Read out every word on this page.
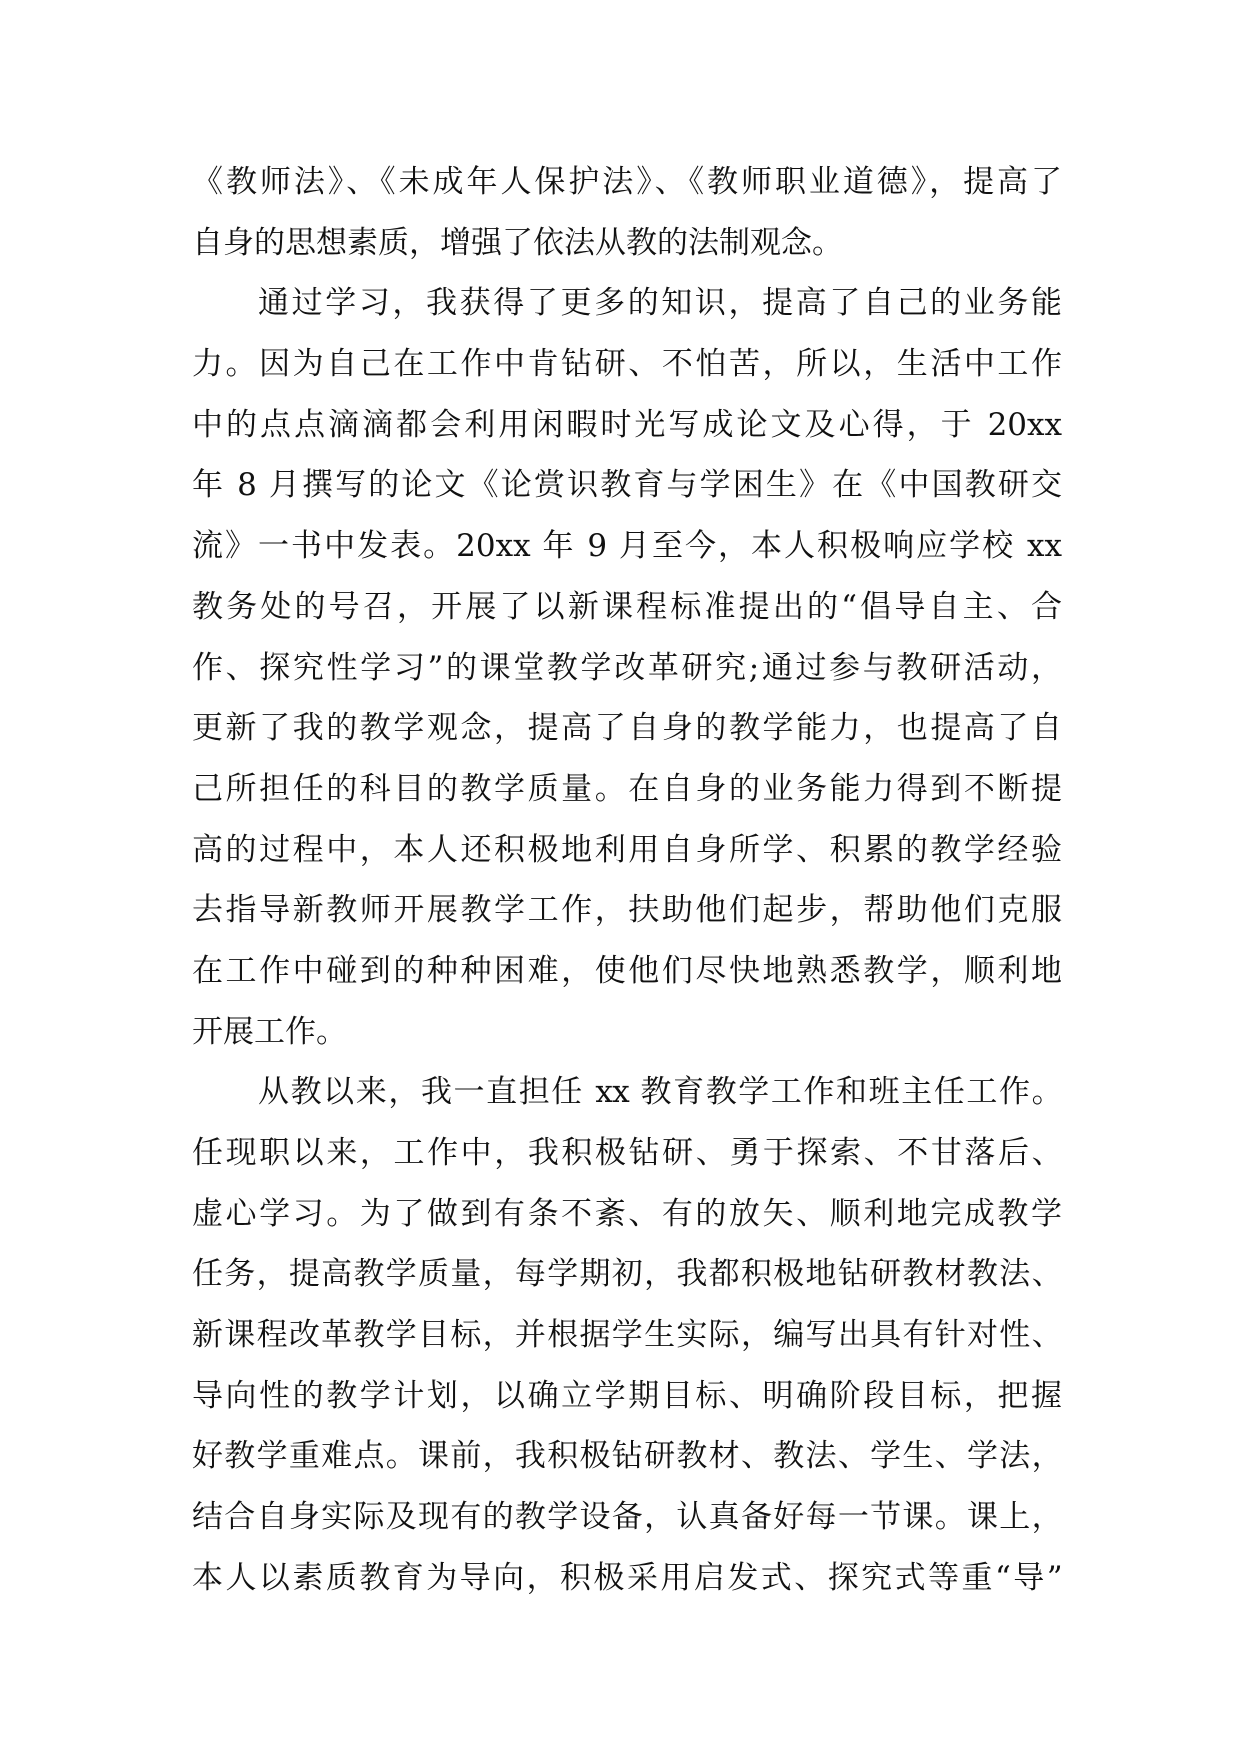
《教师法》、《未成年人保护法》、《教师职业道德》，提高了
自身的思想素质，增强了依法从教的法制观念。
通过学习，我获得了更多的知识，提高了自己的业务能
力。因为自己在工作中肯钻研、不怕苦，所以，生活中工作
中的点点滴滴都会利用闲暇时光写成论文及心得，于 20xx
年 8 月撰写的论文《论赏识教育与学困生》在《中国教研交
流》一书中发表。20xx 年 9 月至今，本人积极响应学校 xx
教务处的号召，开展了以新课程标准提出的“倡导自主、合
作、探究性学习”的课堂教学改革研究;通过参与教研活动，
更新了我的教学观念，提高了自身的教学能力，也提高了自
己所担任的科目的教学质量。在自身的业务能力得到不断提
高的过程中，本人还积极地利用自身所学、积累的教学经验
去指导新教师开展教学工作，扶助他们起步，帮助他们克服
在工作中碰到的种种困难，使他们尽快地熟悉教学，顺利地
开展工作。
从教以来，我一直担任 xx 教育教学工作和班主任工作。
任现职以来，工作中，我积极钻研、勇于探索、不甘落后、
虚心学习。为了做到有条不紊、有的放矢、顺利地完成教学
任务，提高教学质量，每学期初，我都积极地钻研教材教法、
新课程改革教学目标，并根据学生实际，编写出具有针对性、
导向性的教学计划，以确立学期目标、明确阶段目标，把握
好教学重难点。课前，我积极钻研教材、教法、学生、学法，
结合自身实际及现有的教学设备，认真备好每一节课。课上，
本人以素质教育为导向，积极采用启发式、探究式等重“导”
